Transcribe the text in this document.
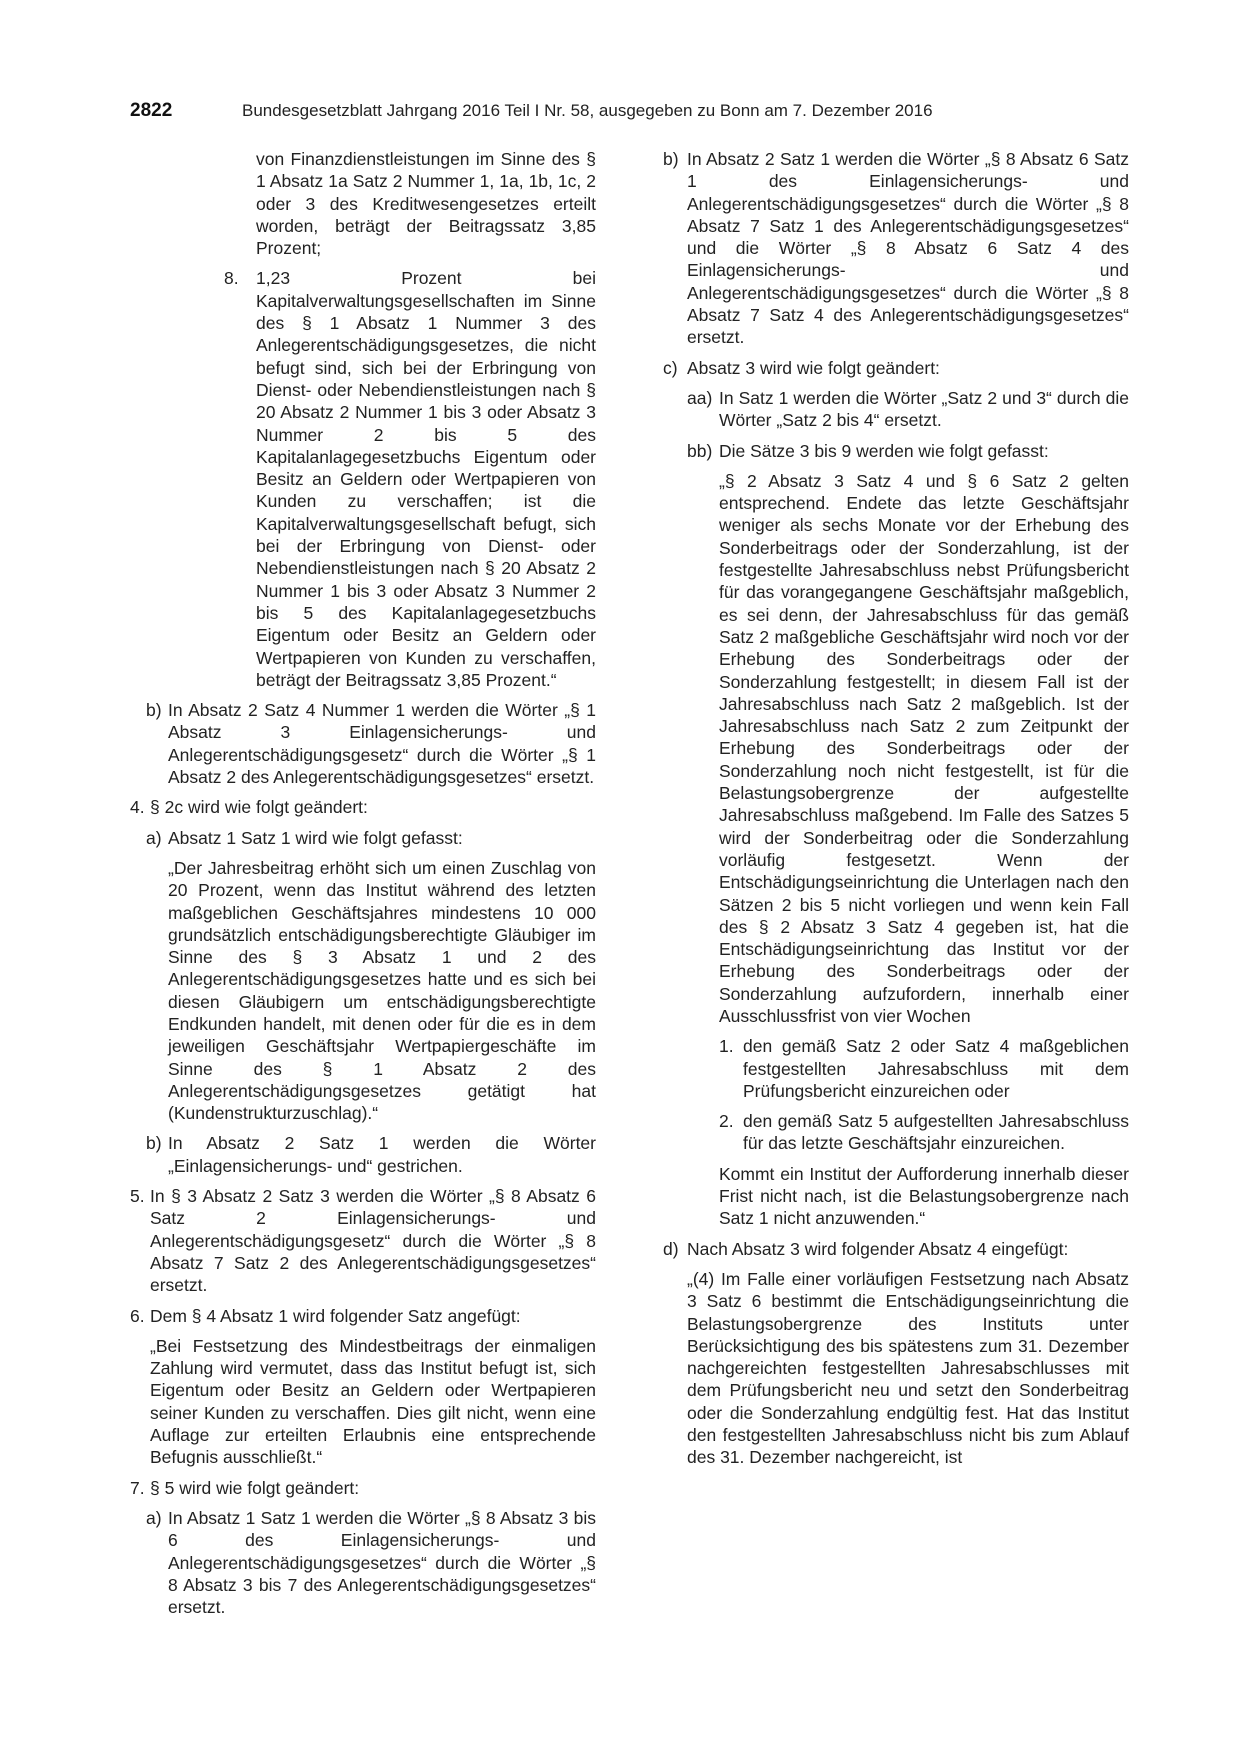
2822	Bundesgesetzblatt Jahrgang 2016 Teil I Nr. 58, ausgegeben zu Bonn am 7. Dezember 2016

von Finanzdienstleistungen im Sinne des § 1 Absatz 1a Satz 2 Nummer 1, 1a, 1b, 1c, 2 oder 3 des Kreditwesengesetzes erteilt worden, beträgt der Beitragssatz 3,85 Prozent;

8. 1,23 Prozent bei Kapitalverwaltungsgesellschaften im Sinne des § 1 Absatz 1 Nummer 3 des Anlegerentschädigungsgesetzes, die nicht befugt sind, sich bei der Erbringung von Dienst- oder Nebendienstleistungen nach § 20 Absatz 2 Nummer 1 bis 3 oder Absatz 3 Nummer 2 bis 5 des Kapitalanlagegesetzbuchs Eigentum oder Besitz an Geldern oder Wertpapieren von Kunden zu verschaffen; ist die Kapitalverwaltungsgesellschaft befugt, sich bei der Erbringung von Dienst- oder Nebendienstleistungen nach § 20 Absatz 2 Nummer 1 bis 3 oder Absatz 3 Nummer 2 bis 5 des Kapitalanlagegesetzbuchs Eigentum oder Besitz an Geldern oder Wertpapieren von Kunden zu verschaffen, beträgt der Beitragssatz 3,85 Prozent.“
b) In Absatz 2 Satz 4 Nummer 1 werden die Wörter „§ 1 Absatz 3 Einlagensicherungs- und Anlegerentschädigungsgesetz“ durch die Wörter „§ 1 Absatz 2 des Anlegerentschädigungsgesetzes“ ersetzt.
4. § 2c wird wie folgt geändert:
a) Absatz 1 Satz 1 wird wie folgt gefasst:

„Der Jahresbeitrag erhöht sich um einen Zuschlag von 20 Prozent, wenn das Institut während des letzten maßgeblichen Geschäftsjahres mindestens 10 000 grundsätzlich entschädigungsberechtigte Gläubiger im Sinne des § 3 Absatz 1 und 2 des Anlegerentschädigungsgesetzes hatte und es sich bei diesen Gläubigern um entschädigungsberechtigte Endkunden handelt, mit denen oder für die es in dem jeweiligen Geschäftsjahr Wertpapiergeschäfte im Sinne des § 1 Absatz 2 des Anlegerentschädigungsgesetzes getätigt hat (Kundenstrukturzuschlag).“

b) In Absatz 2 Satz 1 werden die Wörter „Einlagensicherungs- und“ gestrichen.
5. In § 3 Absatz 2 Satz 3 werden die Wörter „§ 8 Absatz 6 Satz 2 Einlagensicherungs- und Anlegerentschädigungsgesetz“ durch die Wörter „§ 8 Absatz 7 Satz 2 des Anlegerentschädigungsgesetzes“ ersetzt.
6. Dem § 4 Absatz 1 wird folgender Satz angefügt:

„Bei Festsetzung des Mindestbeitrags der einmaligen Zahlung wird vermutet, dass das Institut befugt ist, sich Eigentum oder Besitz an Geldern oder Wertpapieren seiner Kunden zu verschaffen. Dies gilt nicht, wenn eine Auflage zur erteilten Erlaubnis eine entsprechende Befugnis ausschließt.“

7. § 5 wird wie folgt geändert:
a) In Absatz 1 Satz 1 werden die Wörter „§ 8 Absatz 3 bis 6 des Einlagensicherungs- und Anlegerentschädigungsgesetzes“ durch die Wörter „§ 8 Absatz 3 bis 7 des Anlegerentschädigungsgesetzes“ ersetzt.
b) In Absatz 2 Satz 1 werden die Wörter „§ 8 Absatz 6 Satz 1 des Einlagensicherungs- und Anlegerentschädigungsgesetzes“ durch die Wörter „§ 8 Absatz 7 Satz 1 des Anlegerentschädigungsgesetzes“ und die Wörter „§ 8 Absatz 6 Satz 4 des Einlagensicherungs- und Anlegerentschädigungsgesetzes“ durch die Wörter „§ 8 Absatz 7 Satz 4 des Anlegerentschädigungsgesetzes“ ersetzt.
c) Absatz 3 wird wie folgt geändert:
aa) In Satz 1 werden die Wörter „Satz 2 und 3“ durch die Wörter „Satz 2 bis 4“ ersetzt.
bb) Die Sätze 3 bis 9 werden wie folgt gefasst:

„§ 2 Absatz 3 Satz 4 und § 6 Satz 2 gelten entsprechend. Endete das letzte Geschäftsjahr weniger als sechs Monate vor der Erhebung des Sonderbeitrags oder der Sonderzahlung, ist der festgestellte Jahresabschluss nebst Prüfungsbericht für das vorangegangene Geschäftsjahr maßgeblich, es sei denn, der Jahresabschluss für das gemäß Satz 2 maßgebliche Geschäftsjahr wird noch vor der Erhebung des Sonderbeitrags oder der Sonderzahlung festgestellt; in diesem Fall ist der Jahresabschluss nach Satz 2 maßgeblich. Ist der Jahresabschluss nach Satz 2 zum Zeitpunkt der Erhebung des Sonderbeitrags oder der Sonderzahlung noch nicht festgestellt, ist für die Belastungsobergrenze der aufgestellte Jahresabschluss maßgebend. Im Falle des Satzes 5 wird der Sonderbeitrag oder die Sonderzahlung vorläufig festgesetzt. Wenn der Entschädigungseinrichtung die Unterlagen nach den Sätzen 2 bis 5 nicht vorliegen und wenn kein Fall des § 2 Absatz 3 Satz 4 gegeben ist, hat die Entschädigungseinrichtung das Institut vor der Erhebung des Sonderbeitrags oder der Sonderzahlung aufzufordern, innerhalb einer Ausschlussfrist von vier Wochen

1. den gemäß Satz 2 oder Satz 4 maßgeblichen festgestellten Jahresabschluss mit dem Prüfungsbericht einzureichen oder
2. den gemäß Satz 5 aufgestellten Jahresabschluss für das letzte Geschäftsjahr einzureichen.

Kommt ein Institut der Aufforderung innerhalb dieser Frist nicht nach, ist die Belastungsobergrenze nach Satz 1 nicht anzuwenden.“

d) Nach Absatz 3 wird folgender Absatz 4 eingefügt:

„(4) Im Falle einer vorläufigen Festsetzung nach Absatz 3 Satz 6 bestimmt die Entschädigungseinrichtung die Belastungsobergrenze des Instituts unter Berücksichtigung des bis spätestens zum 31. Dezember nachgereichten festgestellten Jahresabschlusses mit dem Prüfungsbericht neu und setzt den Sonderbeitrag oder die Sonderzahlung endgültig fest. Hat das Institut den festgestellten Jahresabschluss nicht bis zum Ablauf des 31. Dezember nachgereicht, ist
